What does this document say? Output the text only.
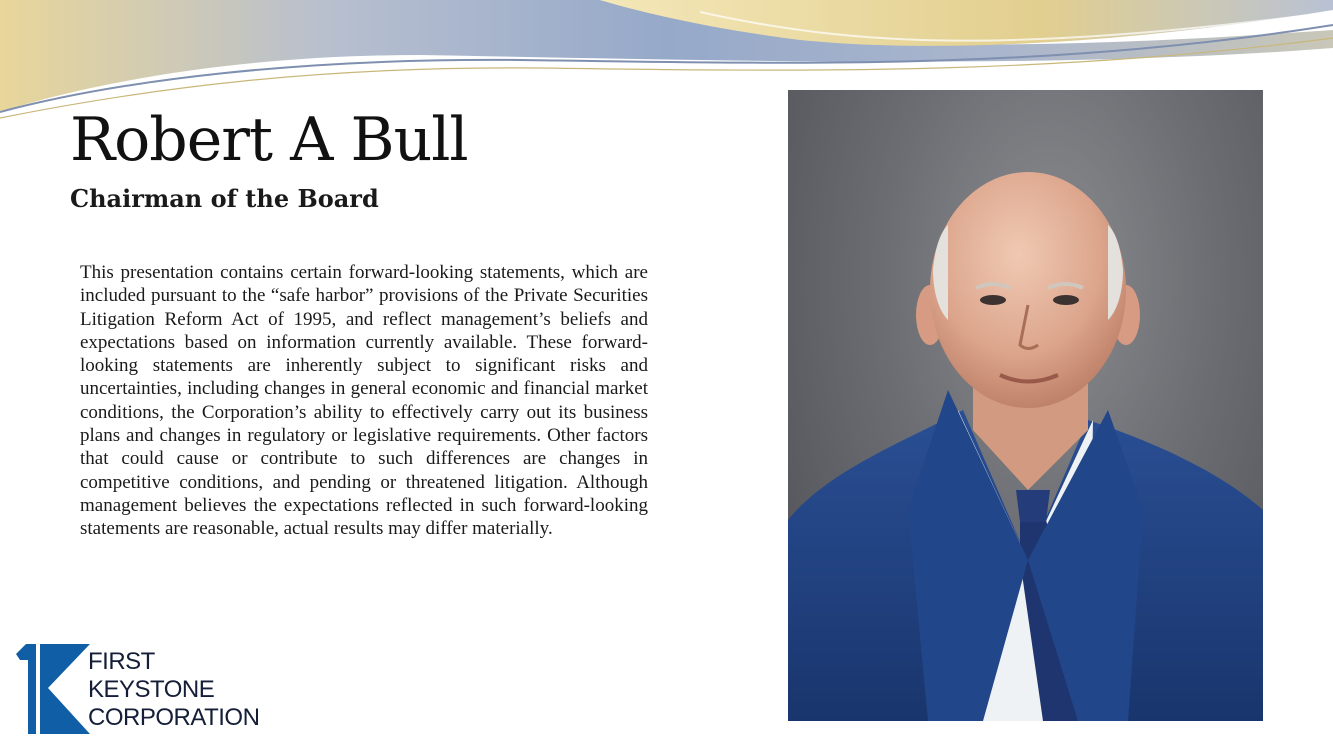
Robert A Bull
Chairman of the Board

This presentation contains certain forward-looking statements, which are included pursuant to the “safe harbor” provisions of the Private Securities Litigation Reform Act of 1995, and reflect management’s beliefs and expectations based on information currently available. These forward-looking statements are inherently subject to significant risks and uncertainties, including changes in general economic and financial market conditions, the Corporation’s ability to effectively carry out its business plans and changes in regulatory or legislative requirements. Other factors that could cause or contribute to such differences are changes in competitive conditions, and pending or threatened litigation. Although management believes the expectations reflected in such forward-looking statements are reasonable, actual results may differ materially.

FIRST
KEYSTONE
CORPORATION
